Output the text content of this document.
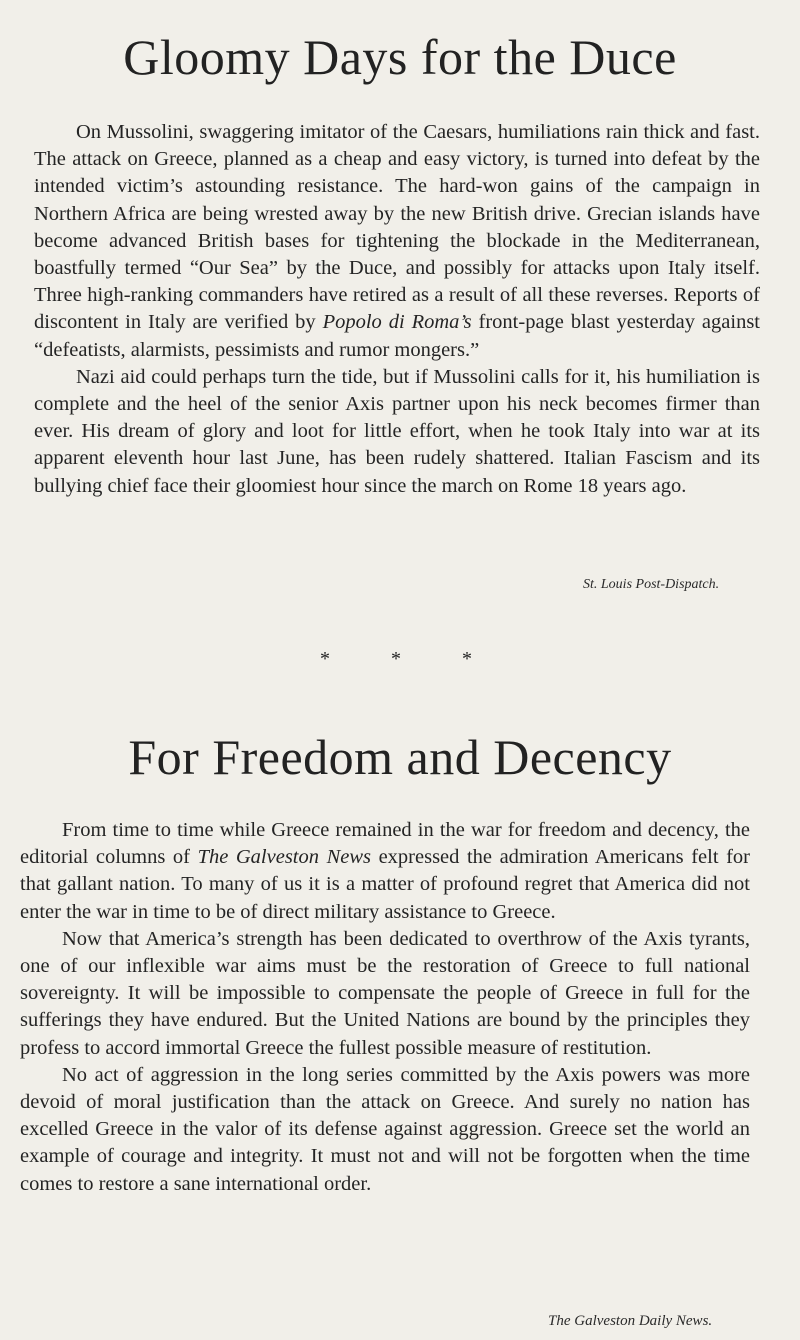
Gloomy Days for the Duce

On Mussolini, swaggering imitator of the Caesars, humiliations rain thick and fast. The attack on Greece, planned as a cheap and easy victory, is turned into defeat by the intended victim’s astounding resistance. The hard-won gains of the campaign in Northern Africa are being wrested away by the new British drive. Grecian islands have become advanced British bases for tightening the blockade in the Mediterranean, boastfully termed “Our Sea” by the Duce, and possibly for attacks upon Italy itself. Three high-ranking commanders have retired as a result of all these reverses. Reports of discontent in Italy are verified by Popolo di Roma’s front-page blast yesterday against “defeatists, alarmists, pessimists and rumor mongers.”

Nazi aid could perhaps turn the tide, but if Mussolini calls for it, his humiliation is complete and the heel of the senior Axis partner upon his neck becomes firmer than ever. His dream of glory and loot for little effort, when he took Italy into war at its apparent eleventh hour last June, has been rudely shattered. Italian Fascism and its bullying chief face their gloomiest hour since the march on Rome 18 years ago.

St. Louis Post-Dispatch.
* * *
For Freedom and Decency

From time to time while Greece remained in the war for freedom and decency, the editorial columns of The Galveston News expressed the admiration Americans felt for that gallant nation. To many of us it is a matter of profound regret that America did not enter the war in time to be of direct military assistance to Greece.

Now that America’s strength has been dedicated to overthrow of the Axis tyrants, one of our inflexible war aims must be the restoration of Greece to full national sovereignty. It will be impossible to compensate the people of Greece in full for the sufferings they have endured. But the United Nations are bound by the principles they profess to accord immortal Greece the fullest possible measure of restitution.

No act of aggression in the long series committed by the Axis powers was more devoid of moral justification than the attack on Greece. And surely no nation has excelled Greece in the valor of its defense against aggression. Greece set the world an example of courage and integrity. It must not and will not be forgotten when the time comes to restore a sane international order.

The Galveston Daily News.
